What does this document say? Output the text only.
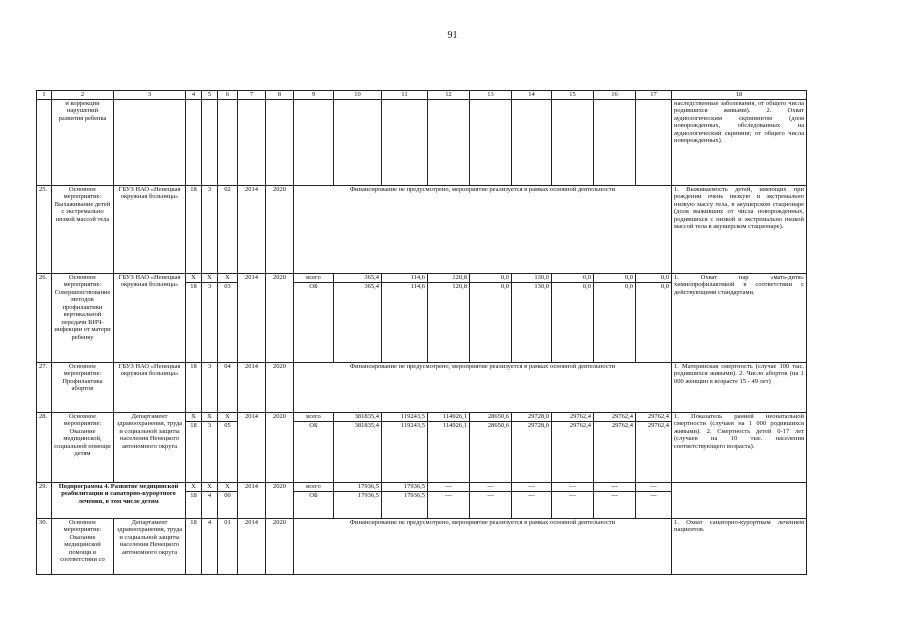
91
1	2	3	4	5	6	7	8	9	10	11	12	13	14	15	16	17	18
	и коррекции нарушений развития ребенка																наследственные заболевания, от общего числа родившихся живыми). 2. Охват аудиологическим скринингом (доля новорожденных, обследованных на аудиологический скрининг, от общего числа новорожденных).
25.	Основное мероприятие: Выхаживание детей с экстремально низкой массой тела	ГБУЗ НАО «Ненецкая окружная больница»	18	3	02	2014	2020	Финансирование не предусмотрено, мероприятие реализуется в рамках основной деятельности									1. Выживаемость детей, имеющих при рождении очень низкую и экстремально низкую массу тела, в акушерском стационаре (доля выживших от числа новорожденных, родившихся с низкой и экстремально низкой массой тела в акушерском стационаре).
26.	Основное мероприятие: Совершенствование методов профилактики вертикальной передачи ВИЧ-инфекции от матери ребенку	ГБУЗ НАО «Ненецкая окружная больница»	X	X	X	2014	2020	всего	365,4	114,6	120,8	0,0	130,0	0,0	0,0	0,0	1. Охват пар «мать-дитя» химиопрофилактикой в соответствии с действующими стандартами.
			18	3	03			ОБ	365,4	114,6	120,8	0,0	130,0	0,0	0,0	0,0	
27.	Основное мероприятие: Профилактика абортов	ГБУЗ НАО «Ненецкая окружная больница»	18	3	04	2014	2020	Финансирование не предусмотрено, мероприятие реализуется в рамках основной деятельности									1. Материнская смертность (случае 100 тыс. родившихся живыми). 2. Число абортов (на 1 000 женщин в возрасте 15 - 49 лет)
28.	Основное мероприятие: Оказание медицинской, социальной помощи детям	Департамент здравоохранения, труда и социальной защиты населения Ненецкого автономного округа	X	X	X	2014	2020	всего	381835,4	119243,5	114926,1	28650,6	29728,0	29762,4	29762,4	29762,4	1. Показатель ранней неонатальной смертности (случаев на 1 000 родившихся живыми). 2. Смертность детей 0-17 лет (случаев на 10 тыс. населения соответствующего возраста).
			18	3	05			ОБ	381835,4	119243,5	114926,1	28650,6	29728,0	29762,4	29762,4	29762,4	
29.	Подпрограмма 4. Развитие медицинской реабилитации и санаторно-курортного лечения, в том числе детям		X	X	X	2014	2020	всего	17936,5	17936,5	---	---	---	---	---	---	
			18	4	00			ОБ	17936,5	17936,5	---	---	---	---	---	---	
30.	Основное мероприятие: Оказание медицинской помощи в соответствии со	Департамент здравоохранения, труда и социальной защиты населения Ненецкого автономного округа	18	4	01	2014	2020	Финансирование не предусмотрено, мероприятие реализуется в рамках основной деятельности									1. Охват санаторно-курортным лечением пациентов.
